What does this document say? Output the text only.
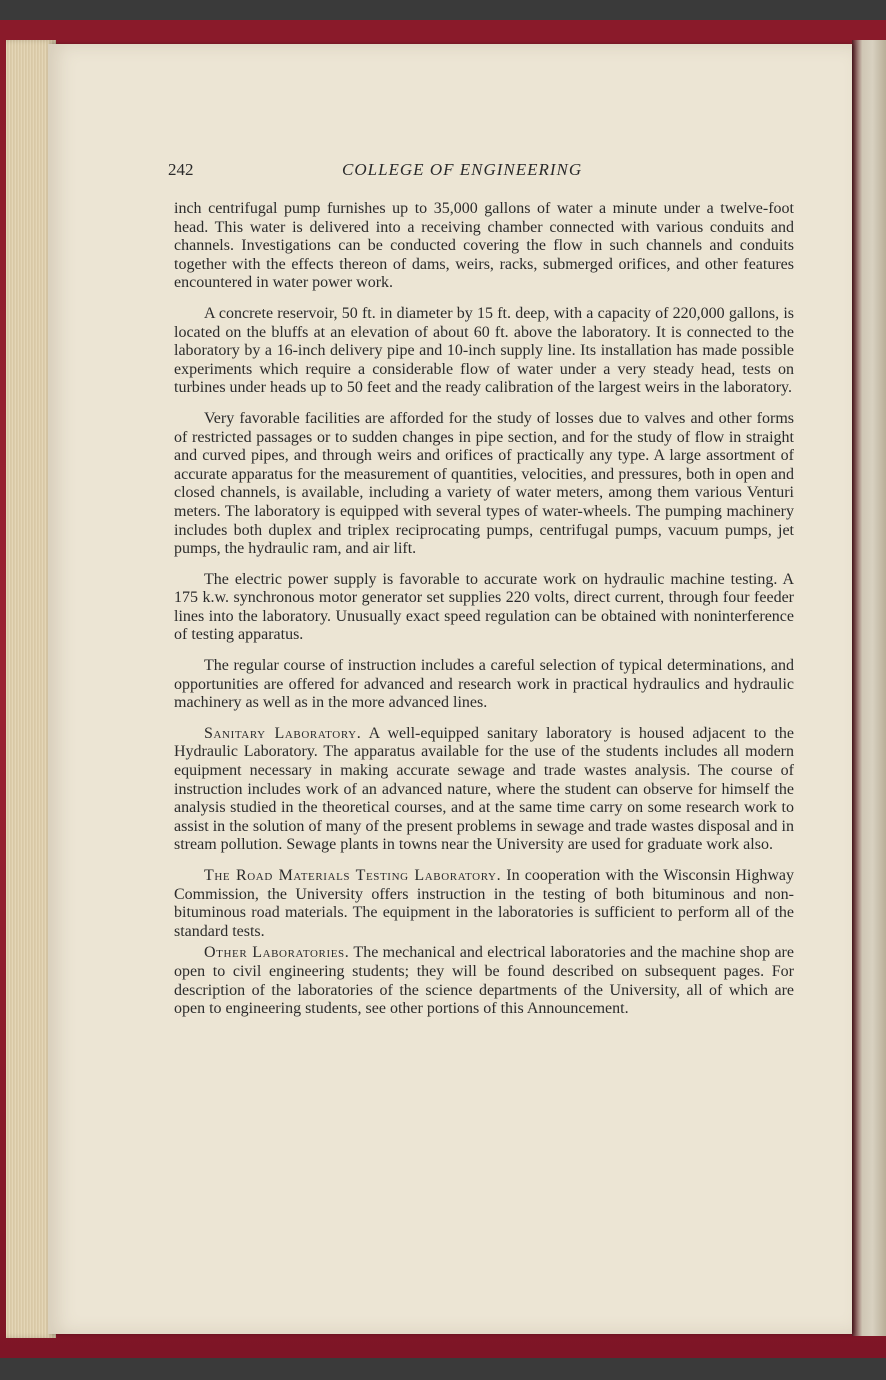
242	COLLEGE OF ENGINEERING

inch centrifugal pump furnishes up to 35,000 gallons of water a minute under a twelve-foot head. This water is delivered into a receiving chamber connected with various conduits and channels. Investigations can be conducted covering the flow in such channels and conduits together with the effects thereon of dams, weirs, racks, submerged orifices, and other features encountered in water power work.

A concrete reservoir, 50 ft. in diameter by 15 ft. deep, with a capacity of 220,000 gallons, is located on the bluffs at an elevation of about 60 ft. above the laboratory. It is connected to the laboratory by a 16-inch delivery pipe and 10-inch supply line. Its installation has made possible experiments which require a considerable flow of water under a very steady head, tests on turbines under heads up to 50 feet and the ready calibration of the largest weirs in the laboratory.

Very favorable facilities are afforded for the study of losses due to valves and other forms of restricted passages or to sudden changes in pipe section, and for the study of flow in straight and curved pipes, and through weirs and orifices of practically any type. A large assortment of accurate apparatus for the measurement of quantities, velocities, and pressures, both in open and closed channels, is available, including a variety of water meters, among them various Venturi meters. The laboratory is equipped with several types of water-wheels. The pumping machinery includes both duplex and triplex reciprocating pumps, centrifugal pumps, vacuum pumps, jet pumps, the hydraulic ram, and air lift.

The electric power supply is favorable to accurate work on hydraulic machine testing. A 175 k.w. synchronous motor generator set supplies 220 volts, direct current, through four feeder lines into the laboratory. Unusually exact speed regulation can be obtained with noninterference of testing apparatus.

The regular course of instruction includes a careful selection of typical determinations, and opportunities are offered for advanced and research work in practical hydraulics and hydraulic machinery as well as in the more advanced lines.

Sanitary Laboratory. A well-equipped sanitary laboratory is housed adjacent to the Hydraulic Laboratory. The apparatus available for the use of the students includes all modern equipment necessary in making accurate sewage and trade wastes analysis. The course of instruction includes work of an advanced nature, where the student can observe for himself the analysis studied in the theoretical courses, and at the same time carry on some research work to assist in the solution of many of the present problems in sewage and trade wastes disposal and in stream pollution. Sewage plants in towns near the University are used for graduate work also.

The Road Materials Testing Laboratory. In cooperation with the Wisconsin Highway Commission, the University offers instruction in the testing of both bituminous and non-bituminous road materials. The equipment in the laboratories is sufficient to perform all of the standard tests.

Other Laboratories. The mechanical and electrical laboratories and the machine shop are open to civil engineering students; they will be found described on subsequent pages. For description of the laboratories of the science departments of the University, all of which are open to engineering students, see other portions of this Announcement.
